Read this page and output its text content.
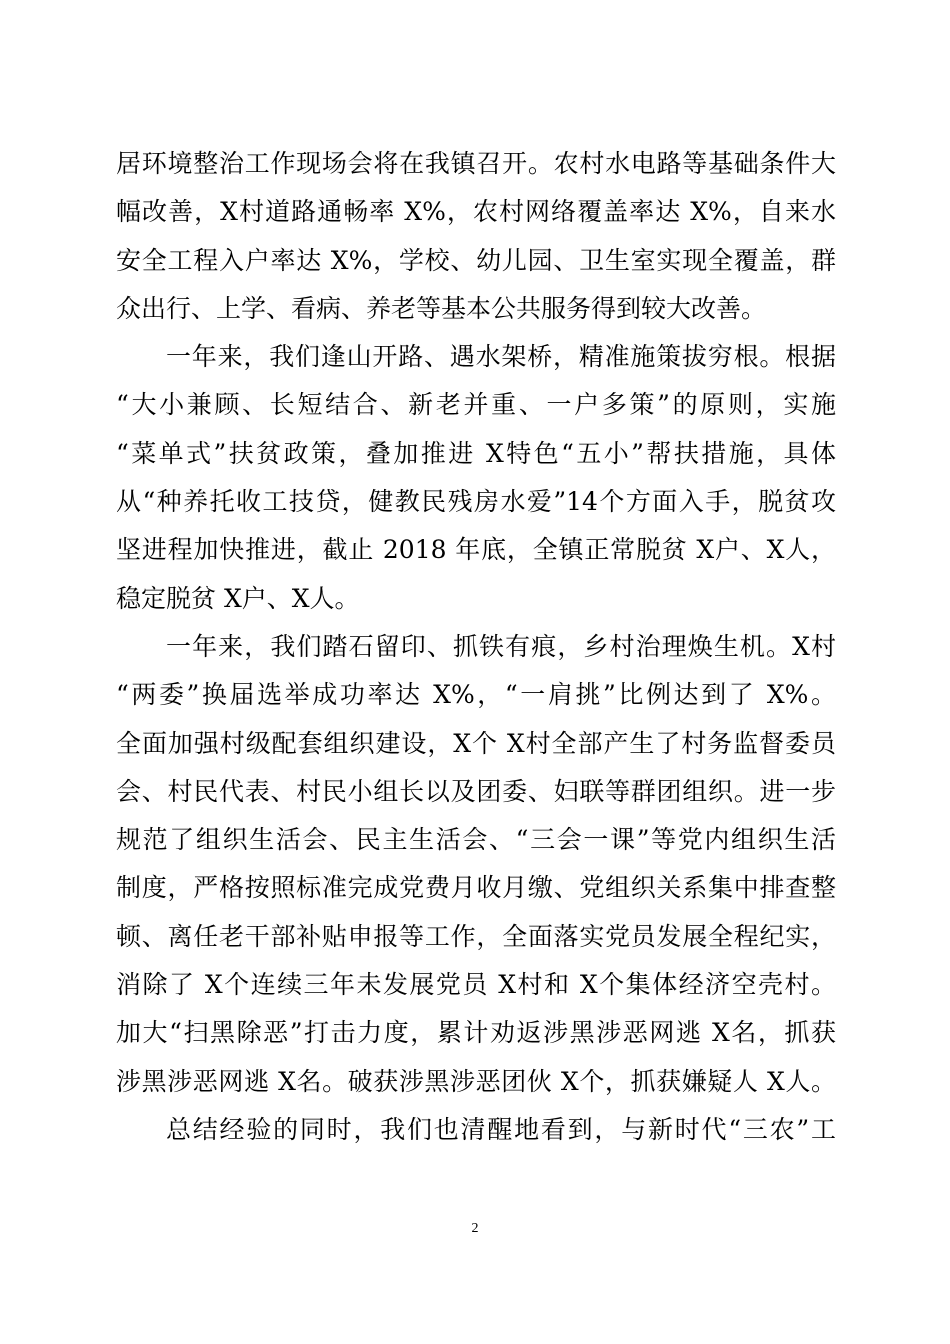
居环境整治工作现场会将在我镇召开。农村水电路等基础条件大
幅改善，X村道路通畅率 X%，农村网络覆盖率达 X%，自来水
安全工程入户率达 X%，学校、幼儿园、卫生室实现全覆盖，群
众出行、上学、看病、养老等基本公共服务得到较大改善。
一年来，我们逢山开路、遇水架桥，精准施策拔穷根。根据
“大小兼顾、长短结合、新老并重、一户多策”的原则，实施
“菜单式”扶贫政策，叠加推进 X特色“五小”帮扶措施，具体
从“种养托收工技贷，健教民残房水爱”14个方面入手，脱贫攻
坚进程加快推进，截止 2018 年底，全镇正常脱贫 X户、X人，
稳定脱贫 X户、X人。
一年来，我们踏石留印、抓铁有痕，乡村治理焕生机。X村
“两委”换届选举成功率达 X%，“一肩挑”比例达到了 X%。
全面加强村级配套组织建设，X个 X村全部产生了村务监督委员
会、村民代表、村民小组长以及团委、妇联等群团组织。进一步
规范了组织生活会、民主生活会、“三会一课”等党内组织生活
制度，严格按照标准完成党费月收月缴、党组织关系集中排查整
顿、离任老干部补贴申报等工作，全面落实党员发展全程纪实，
消除了 X个连续三年未发展党员 X村和 X个集体经济空壳村。
加大“扫黑除恶”打击力度，累计劝返涉黑涉恶网逃 X名，抓获
涉黑涉恶网逃 X名。破获涉黑涉恶团伙 X个，抓获嫌疑人 X人。
总结经验的同时，我们也清醒地看到，与新时代“三农”工
2
